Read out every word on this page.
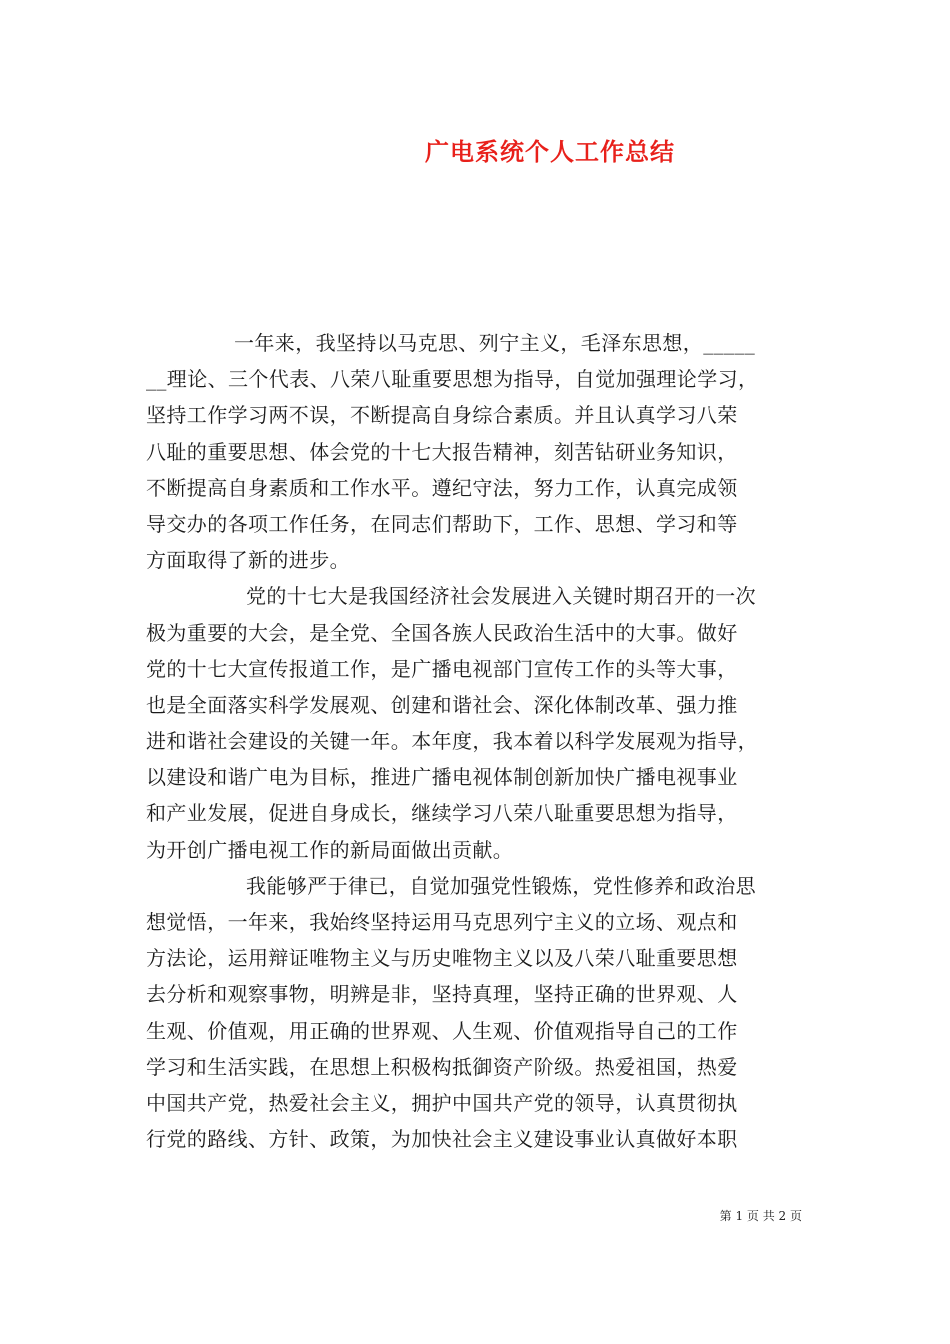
广电系统个人工作总结
一年来，我坚持以马克思、列宁主义，毛泽东思想，_____
__理论、三个代表、八荣八耻重要思想为指导，自觉加强理论学习，
坚持工作学习两不误，不断提高自身综合素质。并且认真学习八荣
八耻的重要思想、体会党的十七大报告精神，刻苦钻研业务知识，
不断提高自身素质和工作水平。遵纪守法，努力工作，认真完成领
导交办的各项工作任务，在同志们帮助下，工作、思想、学习和等
方面取得了新的进步。
党的十七大是我国经济社会发展进入关键时期召开的一次
极为重要的大会，是全党、全国各族人民政治生活中的大事。做好
党的十七大宣传报道工作，是广播电视部门宣传工作的头等大事，
也是全面落实科学发展观、创建和谐社会、深化体制改革、强力推
进和谐社会建设的关键一年。本年度，我本着以科学发展观为指导，
以建设和谐广电为目标，推进广播电视体制创新加快广播电视事业
和产业发展，促进自身成长，继续学习八荣八耻重要思想为指导，
为开创广播电视工作的新局面做出贡献。
我能够严于律已，自觉加强党性锻炼，党性修养和政治思
想觉悟，一年来，我始终坚持运用马克思列宁主义的立场、观点和
方法论，运用辩证唯物主义与历史唯物主义以及八荣八耻重要思想
去分析和观察事物，明辨是非，坚持真理，坚持正确的世界观、人
生观、价值观，用正确的世界观、人生观、价值观指导自己的工作
学习和生活实践，在思想上积极构抵御资产阶级。热爱祖国，热爱
中国共产党，热爱社会主义，拥护中国共产党的领导，认真贯彻执
行党的路线、方针、政策，为加快社会主义建设事业认真做好本职
第 1 页 共 2 页
